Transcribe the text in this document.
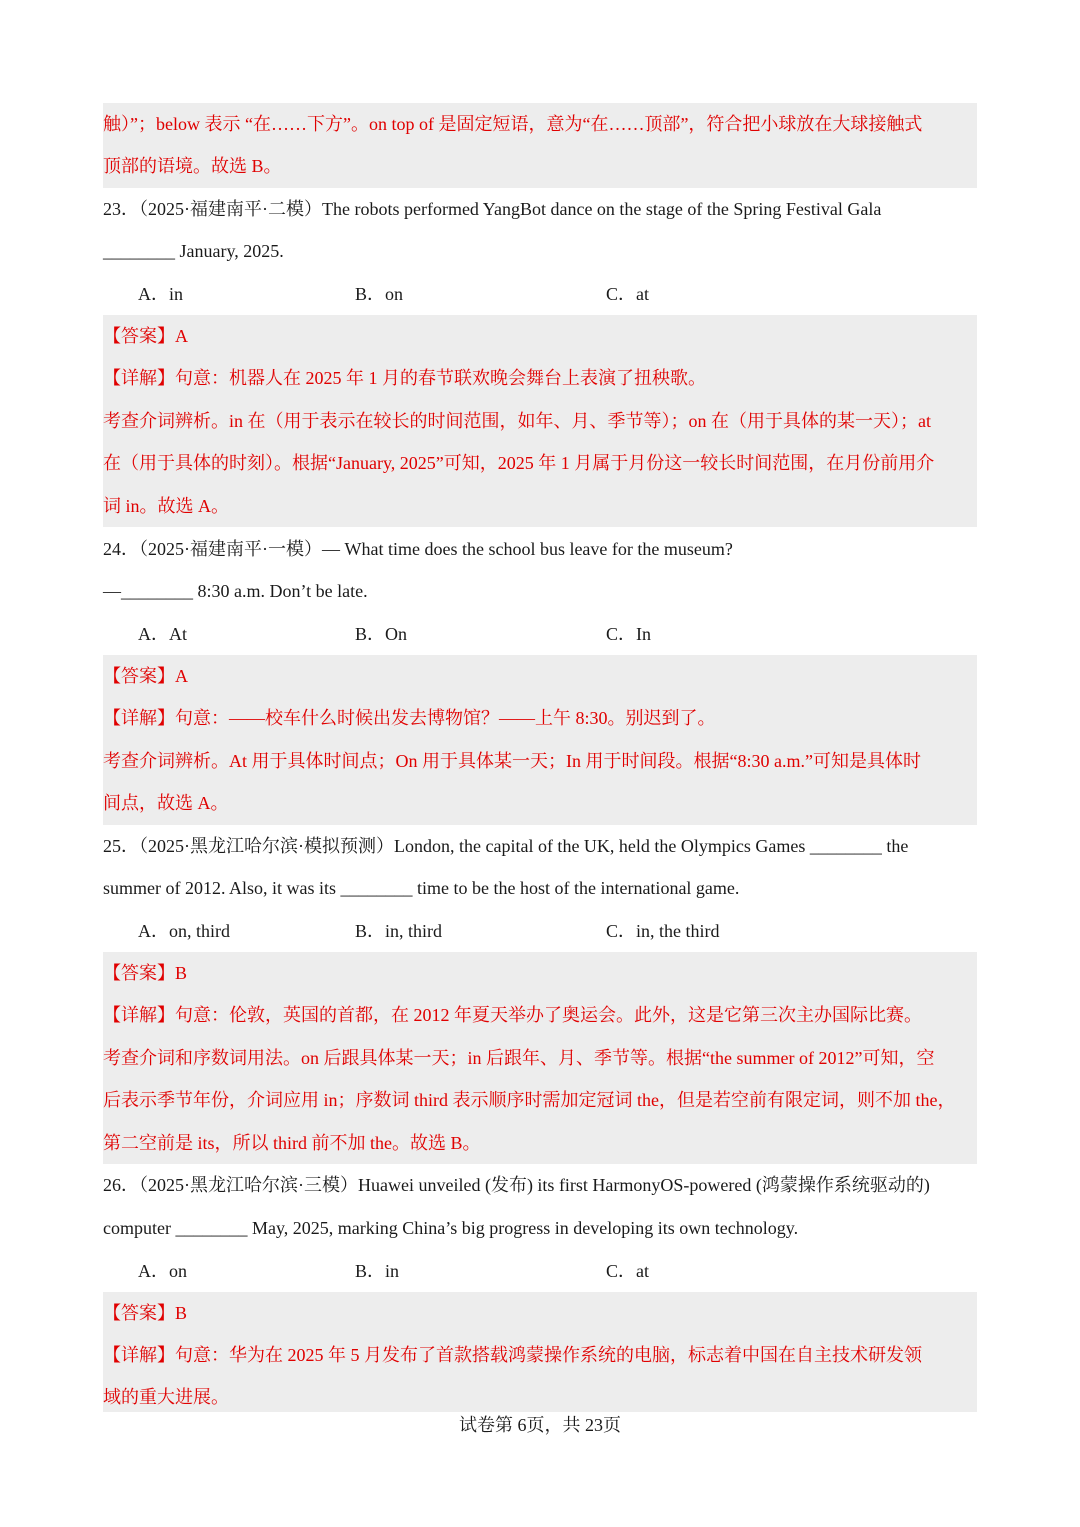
触）”；below 表示 “在……下方”。on top of 是固定短语，意为“在……顶部”，符合把小球放在大球接触式
顶部的语境。故选 B。
23．（2025·福建南平·二模）The robots performed YangBot dance on the stage of the Spring Festival Gala
________ January, 2025.
A．in	B．on	C．at
【答案】A
【详解】句意：机器人在 2025 年 1 月的春节联欢晚会舞台上表演了扭秧歌。
考查介词辨析。in 在（用于表示在较长的时间范围，如年、月、季节等）；on 在（用于具体的某一天）；at
在（用于具体的时刻）。根据“January, 2025”可知，2025 年 1 月属于月份这一较长时间范围，在月份前用介
词 in。故选 A。
24．（2025·福建南平·一模）— What time does the school bus leave for the museum?
—________ 8:30 a.m. Don’t be late.
A．At	B．On	C．In
【答案】A
【详解】句意：——校车什么时候出发去博物馆？——上午 8:30。别迟到了。
考查介词辨析。At 用于具体时间点；On 用于具体某一天；In 用于时间段。根据“8:30 a.m.”可知是具体时
间点，故选 A。
25．（2025·黑龙江哈尔滨·模拟预测）London, the capital of the UK, held the Olympics Games ________ the
summer of 2012. Also, it was its ________ time to be the host of the international game.
A．on, third	B．in, third	C．in, the third
【答案】B
【详解】句意：伦敦，英国的首都，在 2012 年夏天举办了奥运会。此外，这是它第三次主办国际比赛。
考查介词和序数词用法。on 后跟具体某一天；in 后跟年、月、季节等。根据“the summer of 2012”可知，空
后表示季节年份，介词应用 in；序数词 third 表示顺序时需加定冠词 the，但是若空前有限定词，则不加 the，
第二空前是 its，所以 third 前不加 the。故选 B。
26．（2025·黑龙江哈尔滨·三模）Huawei unveiled (发布) its first HarmonyOS-powered (鸿蒙操作系统驱动的)
computer ________ May, 2025, marking China’s big progress in developing its own technology.
A．on	B．in	C．at
【答案】B
【详解】句意：华为在 2025 年 5 月发布了首款搭载鸿蒙操作系统的电脑，标志着中国在自主技术研发领
域的重大进展。
试卷第 6页，共 23页
